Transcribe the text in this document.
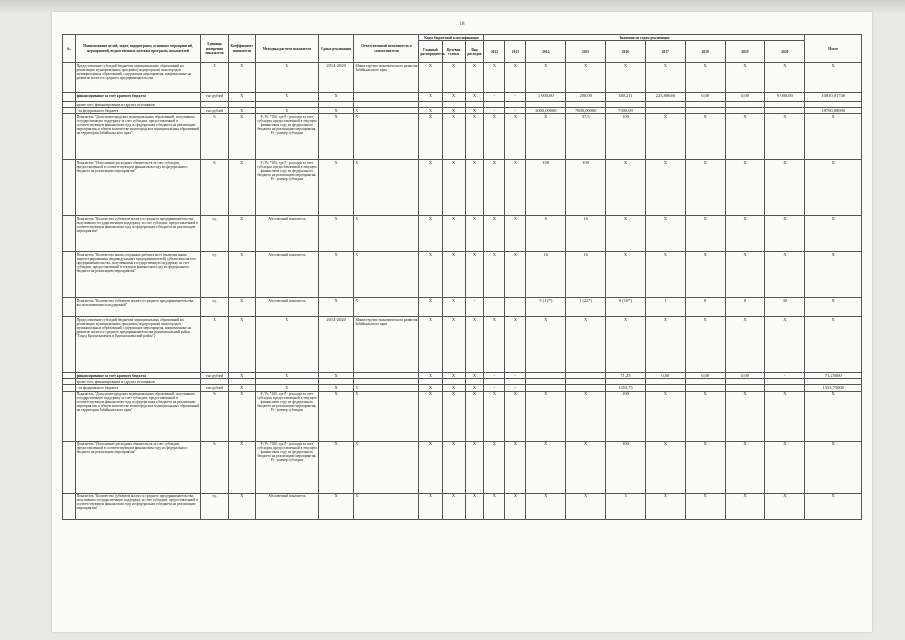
18
№	Наименование целей, задач, подпрограмм, основных мероприятий, мероприятий, ведомственных целевых программ, показателей	Единица измерения показателя	Коэффициент значимости	Методика расчета показателя	Сроки реализации	Ответственный исполнитель и соисполнители	Коды бюджетной классификации			Значения по годам реализации									Итого
							Главный распорядитель	Целевая статья	Вид расходов	2012	2013	2014	2015	2016	2017	2018	2019	2020	
	Предоставление субсидий бюджетам муниципальных образований на реализацию муниципальных программ (подпрограмм) моногородов муниципальных образований, содержащих мероприятия, направленные на развитие малого и среднего предпринимательства	Х	Х	Х	2014-2020	Министерство экономического развития Забайкальского края	Х	Х	Х	Х	Х	Х	Х	Х	Х	Х	Х	Х	Х
	финансирование за счет краевого бюджета	тыс.рублей	Х	Х	Х		Х	Х	Х	-	-	1 000,00	200,00	380,211	225,80646	0,00	0,00	9 000,00	10810,01746
	кроме того, финансирование из других источников:																		
	- из федерального бюджета	тыс.рублей	Х	Х	Х	Х	Х	Х	Х	-	-	3000,00000	7800,00000	7300,00					18700,00000
	Показатель "Доля моногородских муниципальных образований, получивших государственную поддержку за счет субсидии, предоставленной в соответствующем финансовом году из федерального бюджета на реализацию мероприятия, в общем количестве моногородских муниципальных образований на территории Забайкальского края"	%	Х	Р / Рс *100, где Р - расходы за счет субсидии, предоставленной в текущем финансовом году из федерального бюджета на реализацию мероприятия, Рс - размер субсидии	Х	Х	Х	Х	Х	Х	Х	Х	37,5	100	Х	Х	Х	Х	Х
	Показатель "Исполнение расходных обязательств за счет субсидии, предоставленной в соответствующем финансовом году из федерального бюджета на реализацию мероприятия"	%	Х	Р / Рс *100, где Р - расходы за счет субсидии, предоставленной в текущем финансовом году из федерального бюджета на реализацию мероприятия, Рс - размер субсидии	Х	Х	Х	Х	Х	Х	Х	100	100	Х	Х	Х	Х	Х	Х
	Показатель "Количество субъектов малого и среднего предпринимательства, получивших государственную поддержку за счет субсидии, предоставленной в соответствующем финансовом году из федерального бюджета на реализацию мероприятия"	ед.	Х	Абсолютный показатель	Х	Х	Х	Х	Х	Х	Х	8	16	Х	Х	Х	Х	Х	Х
	Показатель "Количество вновь созданных рабочих мест (включая вновь зарегистрированных индивидуальных предпринимателей) субъектами малого предпринимательства, получившими государственную поддержку за счет субсидии, предоставленной в текущем финансовом году из федерального бюджета на реализацию мероприятия"	ед.	Х	Абсолютный показатель	Х	Х	Х	Х	Х	Х	Х	16	16	Х	Х	Х	Х	Х	Х
	Показатель "Количество субъектов малого и среднего предпринимательства, воспользовавшихся поддержкой"	ед.	Х	Абсолютный показатель	Х	Х	Х	Х	-			5 (12*)	1 (22*)	8 (16*)	1	0	0	30	Х
	Предоставление субсидий бюджетам муниципальных образований на реализацию муниципальных программ (подпрограмм) моногородов муниципальных образований, содержащих мероприятия, направленные на развитие малого и среднего предпринимательства (муниципальный район "Город Краснокаменск и Краснокаменский район")	Х	Х	Х	2014-2020	Министерство экономического развития Забайкальского края	Х	Х	Х	Х	Х	Х	Х	Х	Х	Х	Х	Х	Х
	финансирование за счет краевого бюджета	тыс.рублей	Х	Х	Х		Х	Х	Х	-	-			71,25	0,00	0,00	0,00	-	71,25000
	кроме того, финансирование из других источников:																		
	- из федерального бюджета	тыс.рублей	Х	Х	Х	Х	Х	Х	Х	-	-			1353,75					1353,75000
	Показатель "Доля моногородских муниципальных образований, получивших государственную поддержку за счет субсидии, предоставленной в соответствующем финансовом году из федерального бюджета на реализацию мероприятия, в общем количестве моногородских муниципальных образований на территории Забайкальского края"	%	Х	Р / Рс *100, где Р - расходы за счет субсидии, предоставленной в текущем финансовом году из федерального бюджета на реализацию мероприятия, Рс - размер субсидии	Х	Х	Х	Х	Х	Х	Х	Х	Х	100	Х	Х	Х	Х	Х
	Показатель "Исполнение расходных обязательств за счет субсидии, предоставленной в соответствующем финансовом году из федерального бюджета на реализацию мероприятия"	%	Х	Р / Рс *100, где Р - расходы за счет субсидии, предоставленной в текущем финансовом году из федерального бюджета на реализацию мероприятия, Рс - размер субсидии	Х	Х	Х	Х	Х	Х	Х	Х	Х	100	Х	Х	Х	Х	Х
	Показатель "Количество субъектов малого и среднего предпринимательства, получивших государственную поддержку за счет субсидии, предоставленной в соответствующем финансовом году из федерального бюджета на реализацию мероприятия"	ед.	Х	Абсолютный показатель	Х	Х	Х	Х	Х	Х	Х	Х	Х	3	Х	Х	Х	Х	Х
